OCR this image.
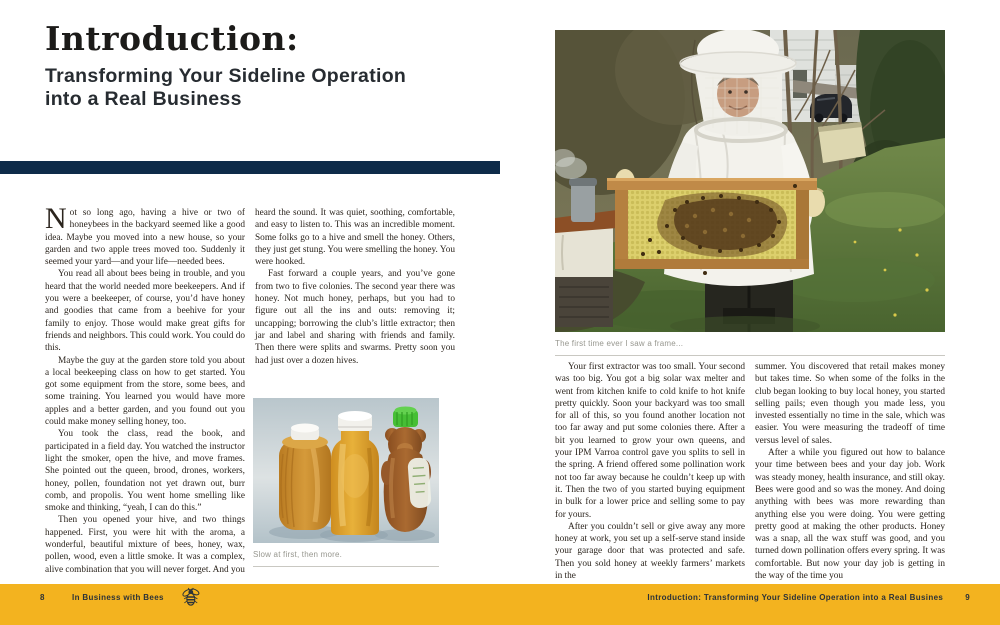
Introduction:
Transforming Your Sideline Operation
into a Real Business

Not so long ago, having a hive or two of honeybees in the backyard seemed like a good idea. Maybe you moved into a new house, so your garden and two apple trees moved too. Suddenly it seemed your yard—and your life—needed bees.

You read all about bees being in trouble, and you heard that the world needed more beekeepers. And if you were a beekeeper, of course, you’d have honey and goodies that came from a beehive for your family to enjoy. Those would make great gifts for friends and neighbors. This could work. You could do this.

Maybe the guy at the garden store told you about a local beekeeping class on how to get started. You got some equipment from the store, some bees, and some training. You learned you would have more apples and a better garden, and you found out you could make money selling honey, too.

You took the class, read the book, and participated in a field day. You watched the instructor light the smoker, open the hive, and move frames. She pointed out the queen, brood, drones, workers, honey, pollen, foundation not yet drawn out, burr comb, and propolis. You went home smelling like smoke and thinking, “yeah, I can do this.”

Then you opened your hive, and two things happened. First, you were hit with the aroma, a wonderful, beautiful mixture of bees, honey, wax, pollen, wood, even a little smoke. It was a complex, alive combination that you will never forget. And you

heard the sound. It was quiet, soothing, comfortable, and easy to listen to. This was an incredible moment. Some folks go to a hive and smell the honey. Others, they just get stung. You were smelling the honey. You were hooked.

Fast forward a couple years, and you’ve gone from two to five colonies. The second year there was honey. Not much honey, perhaps, but you had to figure out all the ins and outs: removing it; uncapping; borrowing the club’s little extractor; then jar and label and sharing with friends and family. Then there were splits and swarms. Pretty soon you had just over a dozen hives.

Slow at first, then more.
The first time ever I saw a frame...

Your first extractor was too small. Your second was too big. You got a big solar wax melter and went from kitchen knife to cold knife to hot knife pretty quickly. Soon your backyard was too small for all of this, so you found another location not too far away and put some colonies there. After a bit you learned to grow your own queens, and your IPM Varroa control gave you splits to sell in the spring. A friend offered some pollination work not too far away because he couldn’t keep up with it. Then the two of you started buying equipment in bulk for a lower price and selling some to pay for yours.

After you couldn’t sell or give away any more honey at work, you set up a self-serve stand inside your garage door that was protected and safe. Then you sold honey at weekly farmers’ markets in the

summer. You discovered that retail makes money but takes time. So when some of the folks in the club began looking to buy local honey, you started selling pails; even though you made less, you invested essentially no time in the sale, which was easier. You were measuring the tradeoff of time versus level of sales.

After a while you figured out how to balance your time between bees and your day job. Work was steady money, health insurance, and still okay. Bees were good and so was the money. And doing anything with bees was more rewarding than anything else you were doing. You were getting pretty good at making the other products. Honey was a snap, all the wax stuff was good, and you turned down pollination offers every spring. It was comfortable. But now your day job is getting in the way of the time you

8	In Business with Bees	Introduction: Transforming Your Sideline Operation into a Real Busines	9
